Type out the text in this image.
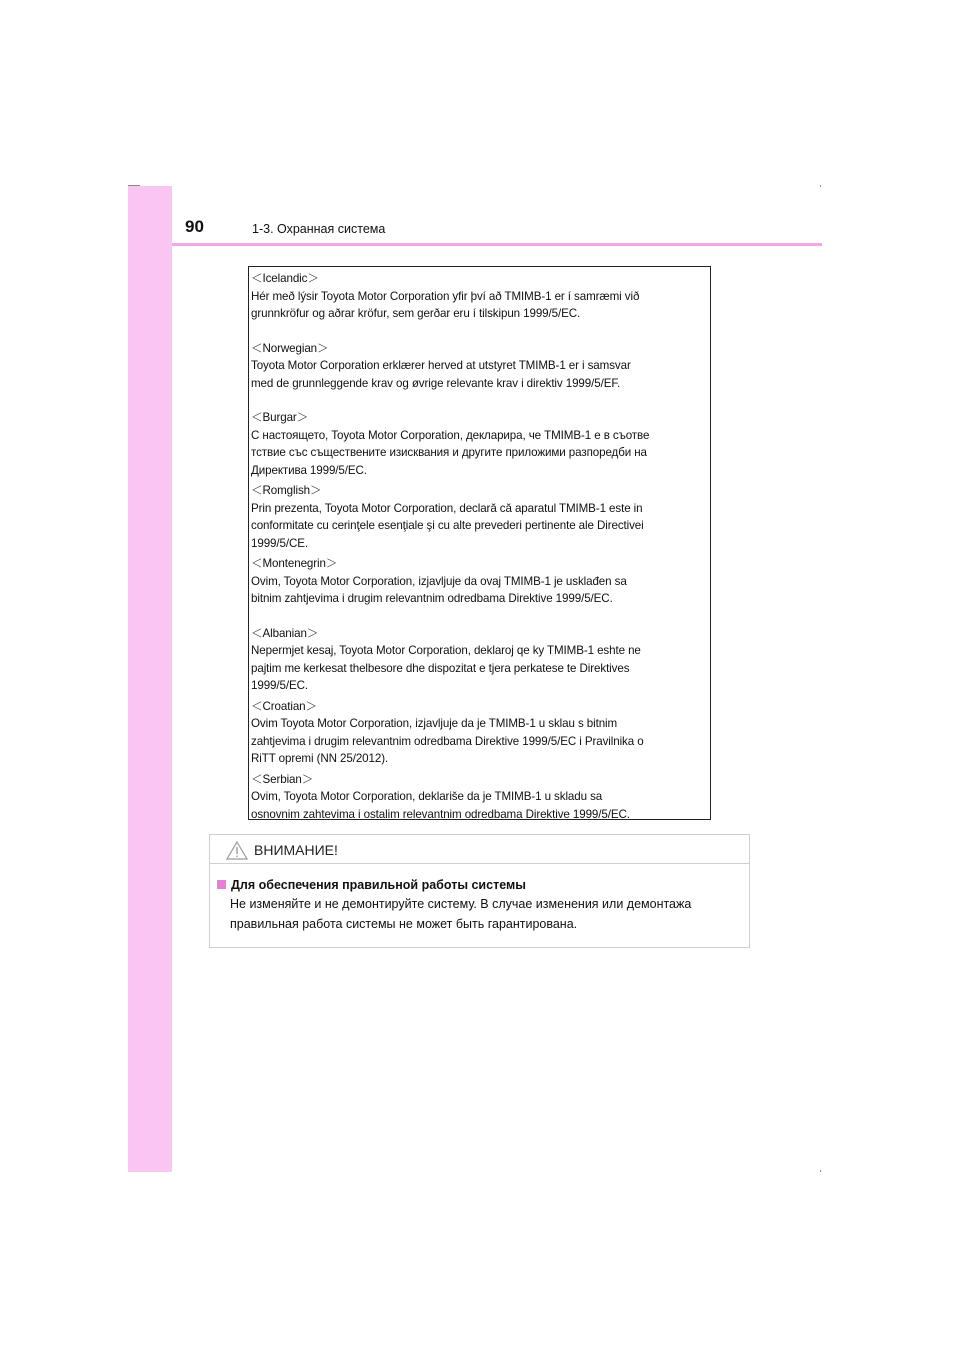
90	1-3. Охранная система
＜Icelandic＞
Hér með lýsir Toyota Motor Corporation yfir því að TMIMB-1 er í samræmi við
grunnkröfur og aðrar kröfur, sem gerðar eru í tilskipun 1999/5/EC.
＜Norwegian＞
Toyota Motor Corporation erklærer herved at utstyret TMIMB-1 er i samsvar
med de grunnleggende krav og øvrige relevante krav i direktiv 1999/5/EF.
＜Burgar＞
С настоящето, Toyota Motor Corporation, декларира, че TMIMB-1 е в съотве
тствие със съществените изисквания и другите приложими разпоредби на
Директива 1999/5/EC.
＜Romglish＞
Prin prezenta, Toyota Motor Corporation, declară că aparatul TMIMB-1 este in
conformitate cu cerinţele esenţiale şi cu alte prevederi pertinente ale Directivei
1999/5/CE.
＜Montenegrin＞
Ovim, Toyota Motor Corporation, izjavljuje da ovaj TMIMB-1 je usklađen sa
bitnim zahtjevima i drugim relevantnim odredbama Direktive 1999/5/EC.
＜Albanian＞
Nepermjet kesaj, Toyota Motor Corporation, deklaroj qe ky TMIMB-1 eshte ne
pajtim me kerkesat thelbesore dhe dispozitat e tjera perkatese te Direktives
1999/5/EC.
＜Croatian＞
Ovim Toyota Motor Corporation, izjavljuje da je TMIMB-1 u sklau s bitnim
zahtjevima i drugim relevantnim odredbama Direktive 1999/5/EC i Pravilnika o
RiTT opremi (NN 25/2012).
＜Serbian＞
Ovim, Toyota Motor Corporation, deklariše da je TMIMB-1 u skladu sa
osnovnim zahtevima i ostalim relevantnim odredbama Direktive 1999/5/EC.
ВНИМАНИЕ!
Для обеспечения правильной работы системы
Не изменяйте и не демонтируйте систему. В случае изменения или демонтажа
правильная работа системы не может быть гарантирована.
